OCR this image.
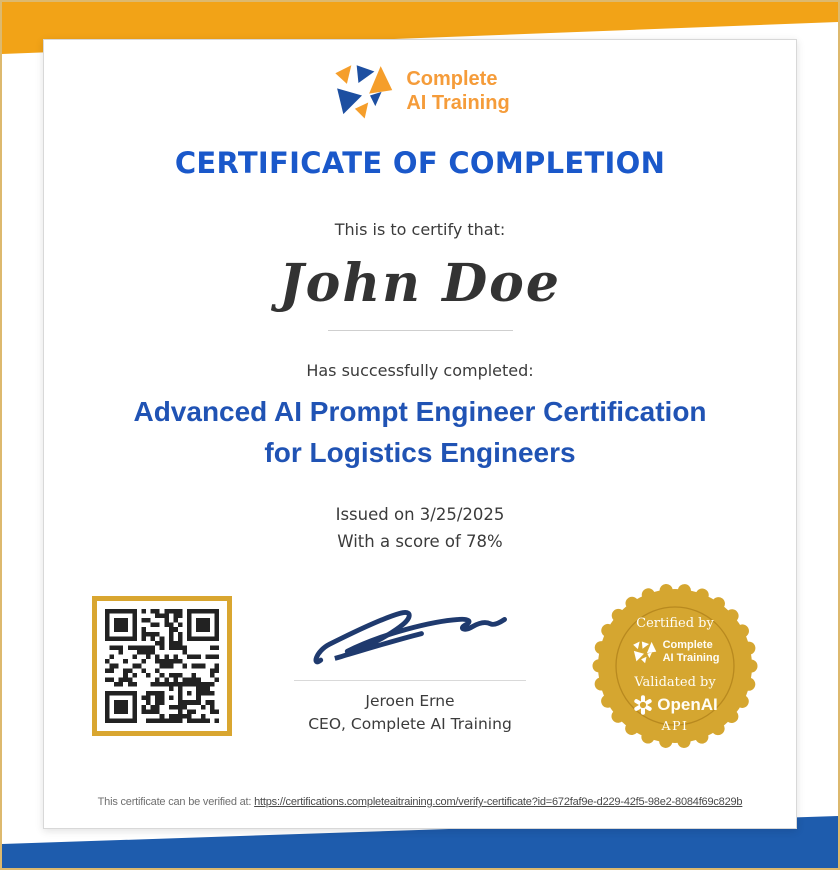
Complete
AI Training
CERTIFICATE OF COMPLETION
This is to certify that:
John Doe
Has successfully completed:
Advanced AI Prompt Engineer Certification
for Logistics Engineers
Issued on 3/25/2025
With a score of 78%
Jeroen Erne
CEO, Complete AI Training
Certified by
Complete
AI Training
Validated by
OpenAI
API
This certificate can be verified at: https://certifications.completeaitraining.com/verify-certificate?id=672faf9e-d229-42f5-98e2-8084f69c829b
